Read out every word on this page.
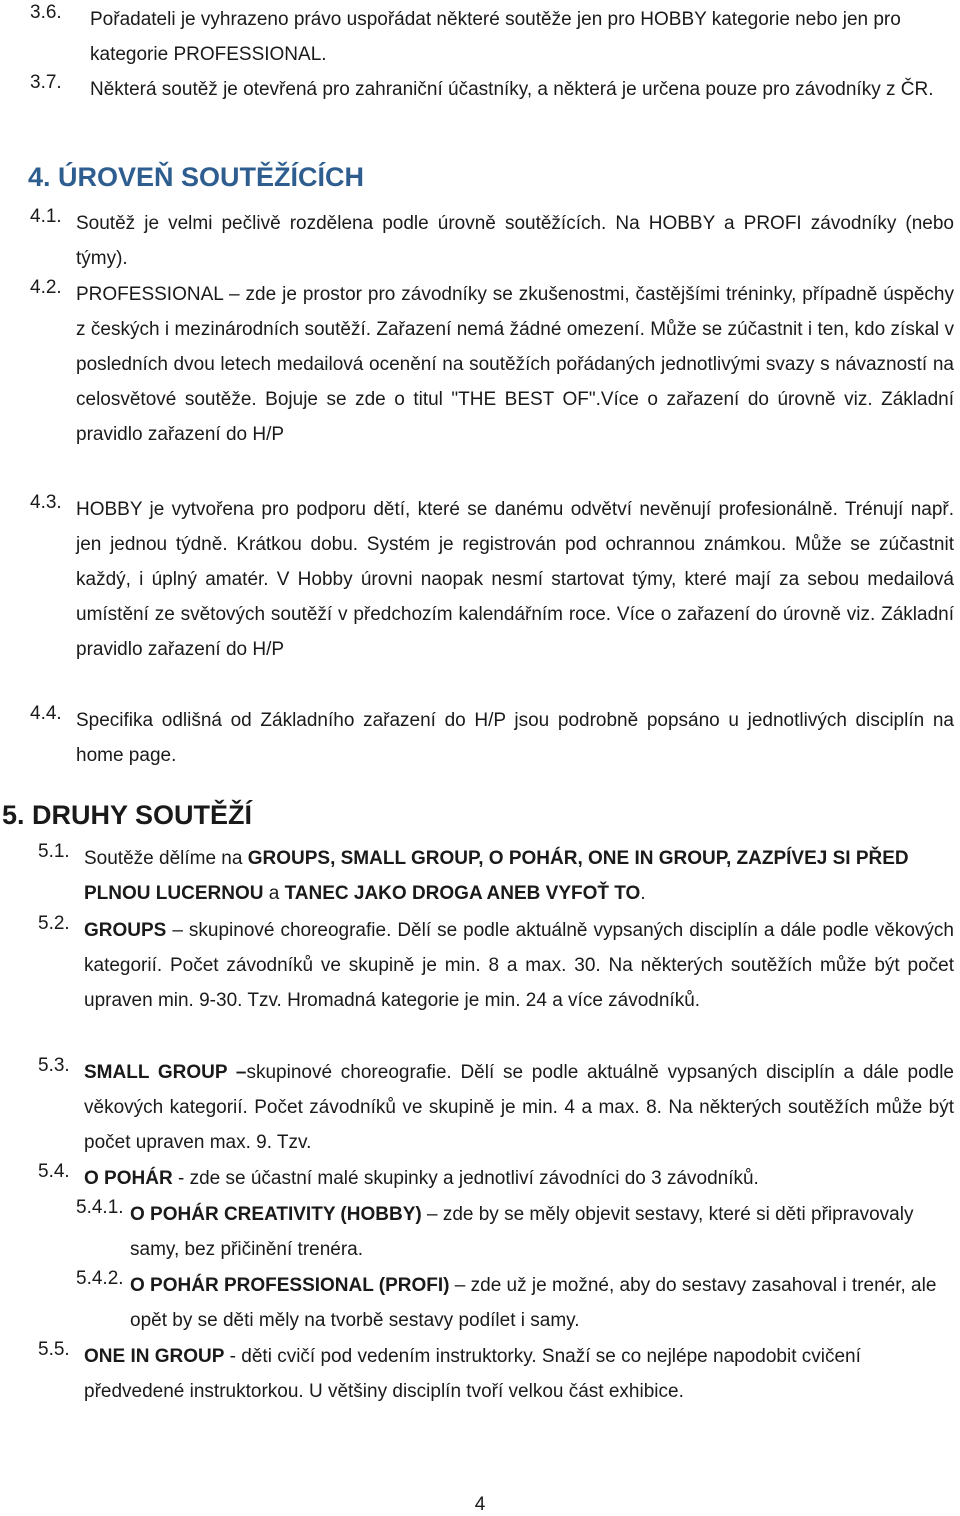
3.6. Pořadateli je vyhrazeno právo uspořádat některé soutěže jen pro HOBBY kategorie nebo jen pro kategorie PROFESSIONAL.
3.7. Některá soutěž je otevřená pro zahraniční účastníky, a některá je určena pouze pro závodníky z ČR.
4. ÚROVEŇ SOUTĚŽÍCÍCH
4.1. Soutěž je velmi pečlivě rozdělena podle úrovně soutěžících. Na HOBBY a PROFI závodníky (nebo týmy).
4.2. PROFESSIONAL – zde je prostor pro závodníky se zkušenostmi, častějšími tréninky, případně úspěchy z českých i mezinárodních soutěží. Zařazení nemá žádné omezení. Může se zúčastnit i ten, kdo získal v posledních dvou letech medailová ocenění na soutěžích pořádaných jednotlivými svazy s návazností na celosvětové soutěže. Bojuje se zde o titul "THE BEST OF".Více o zařazení do úrovně viz. Základní pravidlo zařazení do H/P
4.3. HOBBY je vytvořena pro podporu dětí, které se danému odvětví nevěnují profesionálně. Trénují např. jen jednou týdně. Krátkou dobu. Systém je registrován pod ochrannou známkou. Může se zúčastnit každý, i úplný amatér. V Hobby úrovni naopak nesmí startovat týmy, které mají za sebou medailová umístění ze světových soutěží v předchozím kalendářním roce. Více o zařazení do úrovně viz. Základní pravidlo zařazení do H/P
4.4. Specifika odlišná od Základního zařazení do H/P jsou podrobně popsáno u jednotlivých disciplín na home page.
5. DRUHY SOUTĚŽÍ
5.1. Soutěže dělíme na GROUPS, SMALL GROUP, O POHÁR, ONE IN GROUP, ZAZPÍVEJ SI PŘED PLNOU LUCERNOU a TANEC JAKO DROGA ANEB VYFOŤ TO.
5.2. GROUPS – skupinové choreografie. Dělí se podle aktuálně vypsaných disciplín a dále podle věkových kategorií. Počet závodníků ve skupině je min. 8 a max. 30. Na některých soutěžích může být počet upraven min. 9-30. Tzv. Hromadná kategorie je min. 24 a více závodníků.
5.3. SMALL GROUP –skupinové choreografie. Dělí se podle aktuálně vypsaných disciplín a dále podle věkových kategorií. Počet závodníků ve skupině je min. 4 a max. 8. Na některých soutěžích může být počet upraven max. 9. Tzv.
5.4. O POHÁR - zde se účastní malé skupinky a jednotliví závodníci do 3 závodníků.
5.4.1. O POHÁR CREATIVITY (HOBBY) – zde by se měly objevit sestavy, které si děti připravovaly samy, bez přičinění trenéra.
5.4.2. O POHÁR PROFESSIONAL (PROFI) – zde už je možné, aby do sestavy zasahoval i trenér, ale opět by se děti měly na tvorbě sestavy podílet i samy.
5.5. ONE IN GROUP - děti cvičí pod vedením instruktorky. Snaží se co nejlépe napodobit cvičení předvedené instruktorkou. U většiny disciplín tvoří velkou část exhibice.
4
